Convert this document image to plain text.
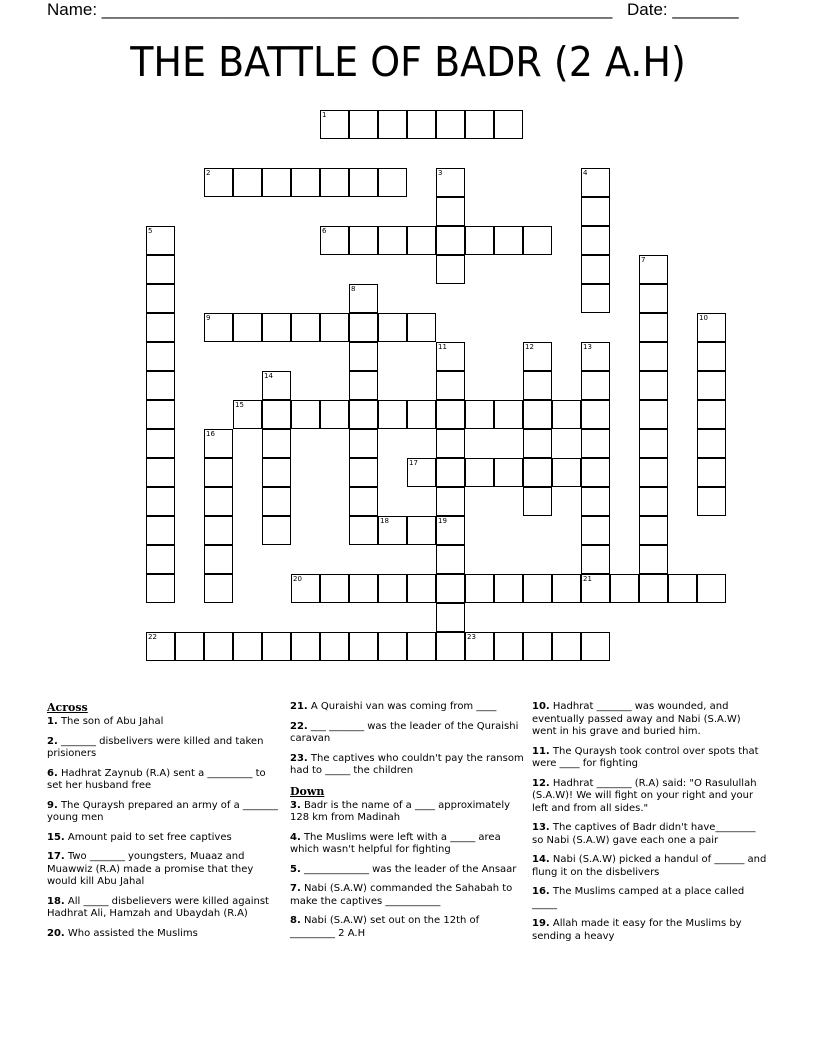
Name: ______________________________________________________ Date: _______
THE BATTLE OF BADR (2 A.H)
1
2	3	4
5	6
7
8
9	10
11
19
12	13
14
15
16
17
18
20	21
22	23
Across
1. The son of Abu Jahal
2. _______ disbelivers were killed and taken prisioners
6. Hadhrat Zaynub (R.A) sent a _________ to set her husband free
9. The Quraysh prepared an army of a _______ young men
15. Amount paid to set free captives
17. Two _______ youngsters, Muaaz and Muawwiz (R.A) made a promise that they would kill Abu Jahal
18. All _____ disbelievers were killed against Hadhrat Ali, Hamzah and Ubaydah (R.A)
20. Who assisted the Muslims
21. A Quraishi van was coming from ____
22. ___ _______ was the leader of the Quraishi caravan
23. The captives who couldn't pay the ransom had to _____ the children
Down
3. Badr is the name of a ____ approximately 128 km from Madinah
4. The Muslims were left with a _____ area which wasn't helpful for fighting
5. _____________ was the leader of the Ansaar
7. Nabi (S.A.W) commanded the Sahabah to make the captives ___________
8. Nabi (S.A.W) set out on the 12th of _________ 2 A.H
10. Hadhrat _______ was wounded, and eventually passed away and Nabi (S.A.W) went in his grave and buried him.
11. The Quraysh took control over spots that were ____ for fighting
12. Hadhrat _______ (R.A) said: "O Rasulullah (S.A.W)! We will fight on your right and your left and from all sides."
13. The captives of Badr didn't have________ so Nabi (S.A.W) gave each one a pair
14. Nabi (S.A.W) picked a handul of ______ and flung it on the disbelivers
16. The Muslims camped at a place called _____
19. Allah made it easy for the Muslims by sending a heavy
